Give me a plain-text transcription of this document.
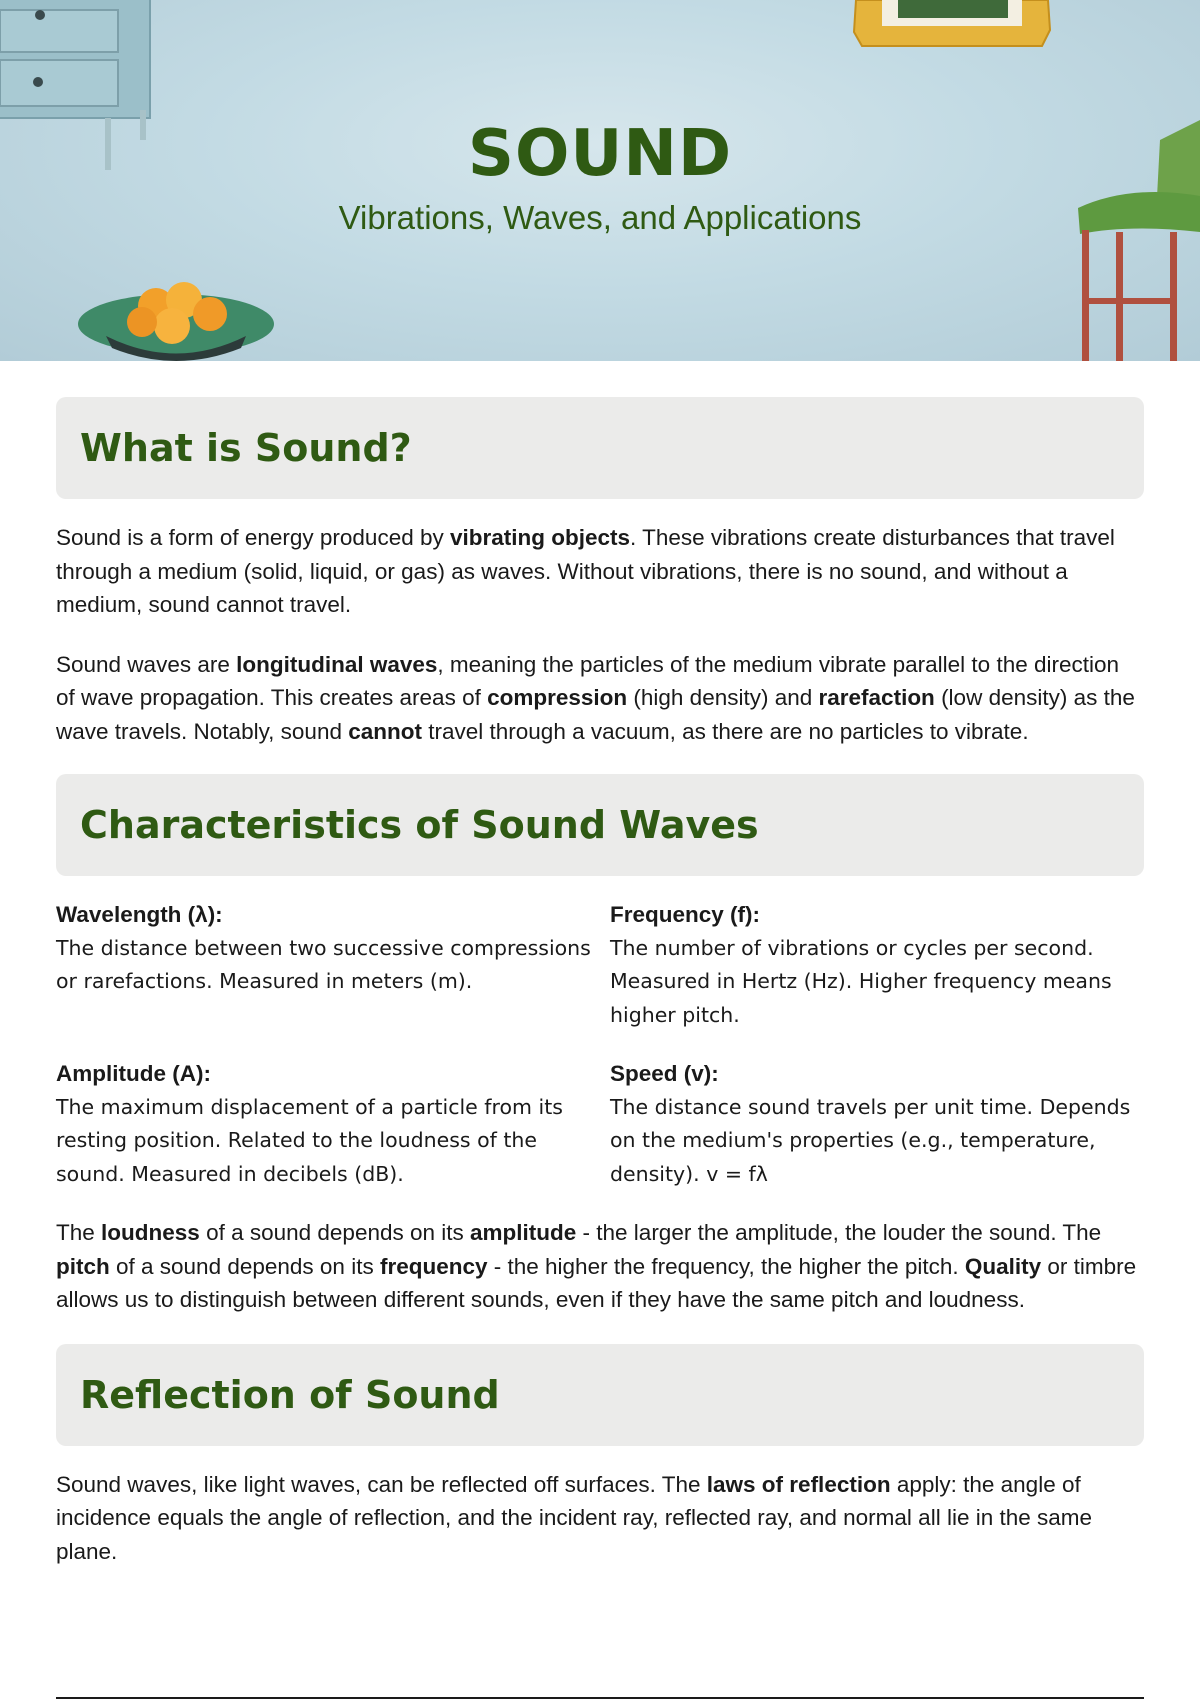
SOUND
Vibrations, Waves, and Applications
What is Sound?

Sound is a form of energy produced by vibrating objects. These vibrations create disturbances that travel through a medium (solid, liquid, or gas) as waves. Without vibrations, there is no sound, and without a medium, sound cannot travel.

Sound waves are longitudinal waves, meaning the particles of the medium vibrate parallel to the direction of wave propagation. This creates areas of compression (high density) and rarefaction (low density) as the wave travels. Notably, sound cannot travel through a vacuum, as there are no particles to vibrate.

Characteristics of Sound Waves
Wavelength (λ):
The distance between two successive compressions or rarefactions. Measured in meters (m).
Frequency (f):
The number of vibrations or cycles per second. Measured in Hertz (Hz). Higher frequency means higher pitch.
Amplitude (A):
The maximum displacement of a particle from its resting position. Related to the loudness of the sound. Measured in decibels (dB).
Speed (v):
The distance sound travels per unit time. Depends on the medium's properties (e.g., temperature, density). v = fλ

The loudness of a sound depends on its amplitude - the larger the amplitude, the louder the sound. The pitch of a sound depends on its frequency - the higher the frequency, the higher the pitch. Quality or timbre allows us to distinguish between different sounds, even if they have the same pitch and loudness.

Reflection of Sound

Sound waves, like light waves, can be reflected off surfaces. The laws of reflection apply: the angle of incidence equals the angle of reflection, and the incident ray, reflected ray, and normal all lie in the same plane.
